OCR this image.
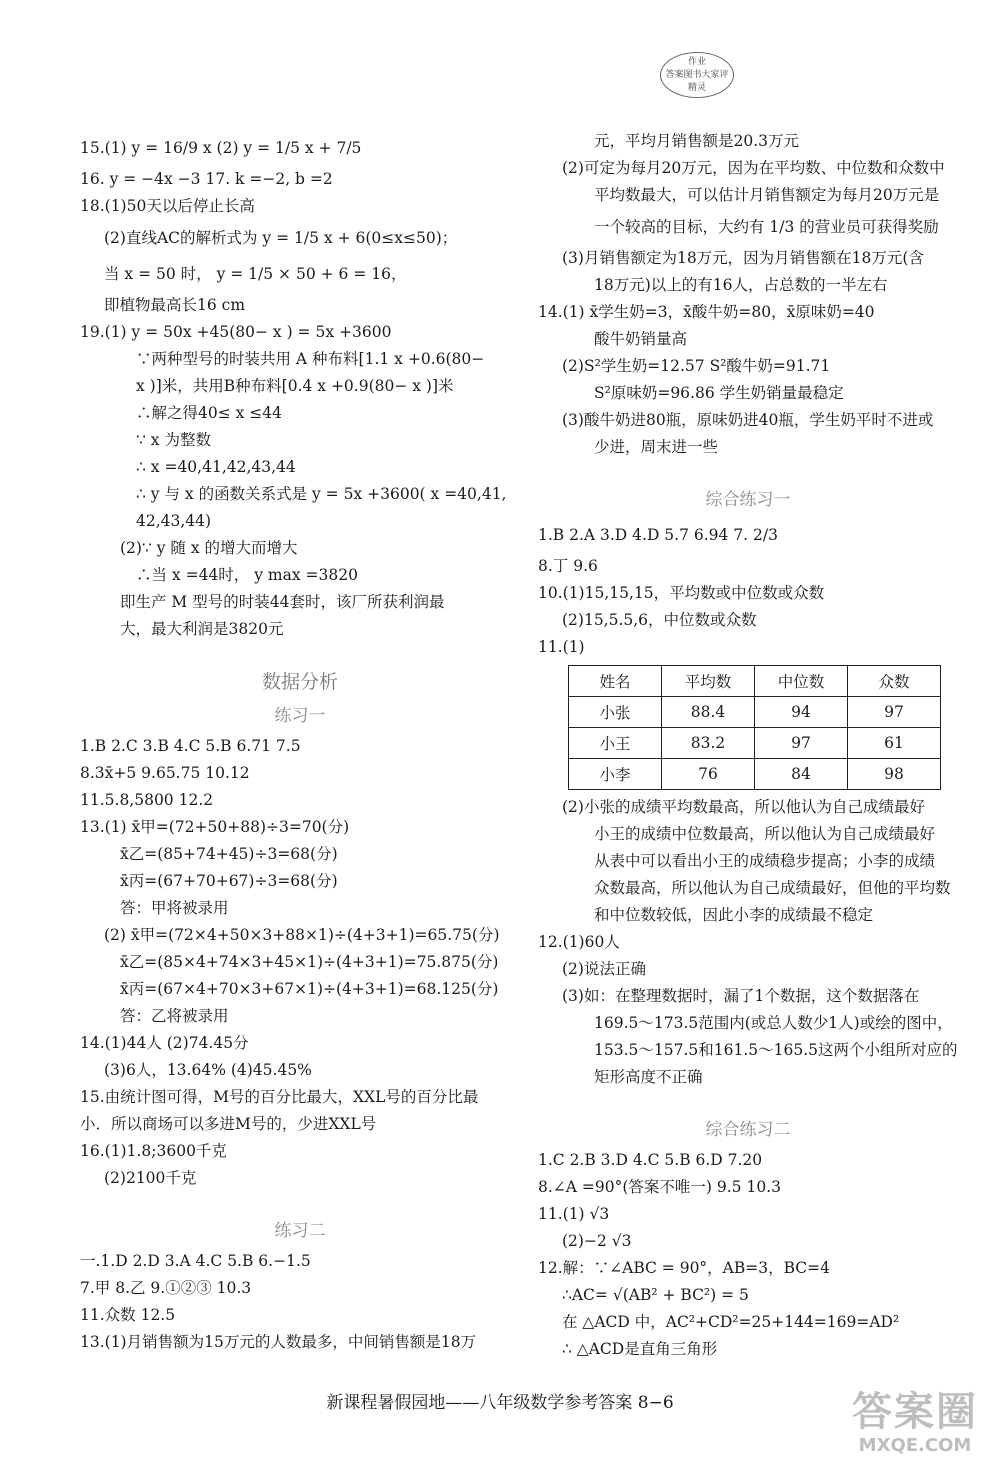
作业
答案图书大家评
精灵
15.(1) y = 16/9 x (2) y = 1/5 x + 7/5
16. y = −4x −3 17. k =−2, b =2
18.(1)50天以后停止长高
(2)直线AC的解析式为 y = 1/5 x + 6(0≤x≤50)；
当 x = 50 时， y = 1/5 × 50 + 6 = 16，
即植物最高长16 cm
19.(1) y = 50x +45(80− x ) = 5x +3600
∵两种型号的时装共用 A 种布料[1.1 x +0.6(80−
x )]米，共用B种布料[0.4 x +0.9(80− x )]米
∴解之得40≤ x ≤44
∵ x 为整数
∴ x =40,41,42,43,44
∴ y 与 x 的函数关系式是 y = 5x +3600( x =40,41,
42,43,44)
(2)∵ y 随 x 的增大而增大
∴当 x =44时， y max =3820
即生产 M 型号的时装44套时，该厂所获利润最
大，最大利润是3820元
数据分析
练习一
1.B 2.C 3.B 4.C 5.B 6.71 7.5
8.3x̄+5 9.65.75 10.12
11.5.8,5800 12.2
13.(1) x̄甲=(72+50+88)÷3=70(分)
x̄乙=(85+74+45)÷3=68(分)
x̄丙=(67+70+67)÷3=68(分)
答：甲将被录用
(2) x̄甲=(72×4+50×3+88×1)÷(4+3+1)=65.75(分)
x̄乙=(85×4+74×3+45×1)÷(4+3+1)=75.875(分)
x̄丙=(67×4+70×3+67×1)÷(4+3+1)=68.125(分)
答：乙将被录用
14.(1)44人 (2)74.45分
(3)6人，13.64% (4)45.45%
15.由统计图可得，M号的百分比最大，XXL号的百分比最
小．所以商场可以多进M号的，少进XXL号
16.(1)1.8;3600千克
(2)2100千克
练习二
一.1.D 2.D 3.A 4.C 5.B 6.−1.5
7.甲 8.乙 9.①②③ 10.3
11.众数 12.5
13.(1)月销售额为15万元的人数最多，中间销售额是18万
元，平均月销售额是20.3万元
(2)可定为每月20万元，因为在平均数、中位数和众数中
平均数最大，可以估计月销售额定为每月20万元是
一个较高的目标，大约有 1/3 的营业员可获得奖励
(3)月销售额定为18万元，因为月销售额在18万元(含
18万元)以上的有16人，占总数的一半左右
14.(1) x̄学生奶=3，x̄酸牛奶=80，x̄原味奶=40
酸牛奶销量高
(2)S²学生奶=12.57 S²酸牛奶=91.71
S²原味奶=96.86 学生奶销量最稳定
(3)酸牛奶进80瓶，原味奶进40瓶，学生奶平时不进或
少进，周末进一些
综合练习一
1.B 2.A 3.D 4.D 5.7 6.94 7. 2/3
8.丁 9.6
10.(1)15,15,15，平均数或中位数或众数
(2)15,5.5,6，中位数或众数
11.(1)
姓名	平均数	中位数	众数
小张	88.4	94	97
小王	83.2	97	61
小李	76	84	98
(2)小张的成绩平均数最高，所以他认为自己成绩最好
小王的成绩中位数最高，所以他认为自己成绩最好
从表中可以看出小王的成绩稳步提高；小李的成绩
众数最高，所以他认为自己成绩最好，但他的平均数
和中位数较低，因此小李的成绩最不稳定
12.(1)60人
(2)说法正确
(3)如：在整理数据时，漏了1个数据，这个数据落在
169.5～173.5范围内(或总人数少1人)或绘的图中，
153.5～157.5和161.5～165.5这两个小组所对应的
矩形高度不正确
综合练习二
1.C 2.B 3.D 4.C 5.B 6.D 7.20
8.∠A =90°(答案不唯一) 9.5 10.3
11.(1) √3
(2)−2 √3
12.解：∵∠ABC = 90°，AB=3，BC=4
∴AC= √(AB² + BC²) = 5
在 △ACD 中，AC²+CD²=25+144=169=AD²
∴ △ACD是直角三角形
新课程暑假园地——八年级数学参考答案 8−6	答案圈
MXQE.COM
